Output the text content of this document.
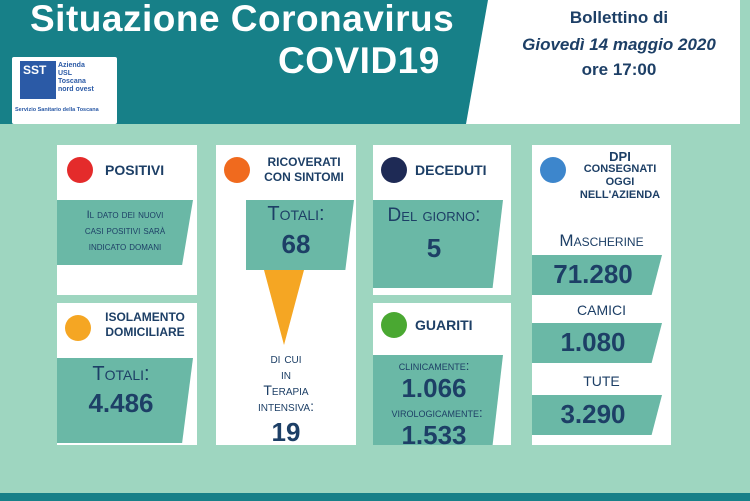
Situazione Coronavirus
COVID19
SST	Azienda
USL
Toscana
nord ovest
Servizio Sanitario della Toscana
Bollettino di
Giovedì 14 maggio 2020
ore 17:00
POSITIVI
Il dato dei nuovi
casi positivi sarà
indicato domani
ISOLAMENTO
DOMICILIARE
Totali:
4.486
RICOVERATI
CON SINTOMI
Totali:
68
di cui
in
Terapia
intensiva:
19
DECEDUTI
Del giorno:
5
GUARITI
clinicamente:
1.066
virologicamente:
1.533
DPI
CONSEGNATI
OGGI
NELL'AZIENDA
Mascherine
71.280
CAMICI
1.080
TUTE
3.290
